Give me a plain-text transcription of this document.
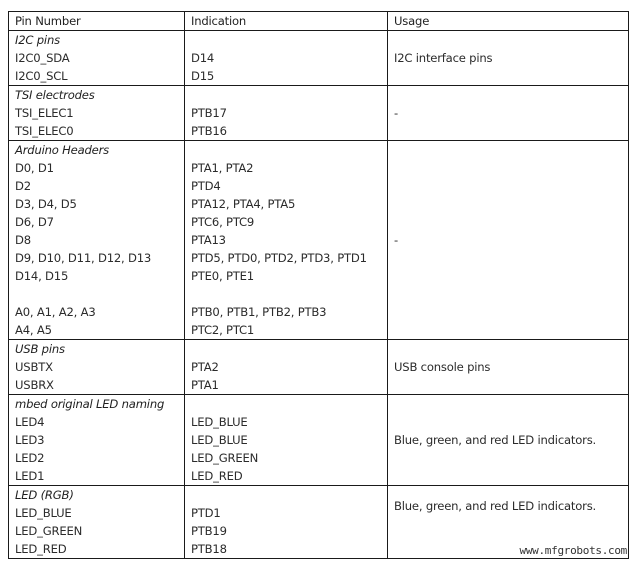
Pin Number	Indication	Usage
I2C pins		I2C interface pins
I2C0_SDA	D14	
I2C0_SCL	D15	
TSI electrodes		-
TSI_ELEC1	PTB17	
TSI_ELEC0	PTB16	
Arduino Headers		-
D0, D1	PTA1, PTA2	
D2	PTD4	
D3, D4, D5	PTA12, PTA4, PTA5	
D6, D7	PTC6, PTC9	
D8	PTA13	
D9, D10, D11, D12, D13	PTD5, PTD0, PTD2, PTD3, PTD1	
D14, D15	PTE0, PTE1	

A0, A1, A2, A3	PTB0, PTB1, PTB2, PTB3	
A4, A5	PTC2, PTC1	
USB pins		USB console pins
USBTX	PTA2	
USBRX	PTA1	
mbed original LED naming		Blue, green, and red LED indicators.
LED4	LED_BLUE	
LED3	LED_BLUE	
LED2	LED_GREEN	
LED1	LED_RED	
LED (RGB)		Blue, green, and red LED indicators.
LED_BLUE	PTD1	
LED_GREEN	PTB19	
LED_RED	PTB18		www.mfgrobots.com
